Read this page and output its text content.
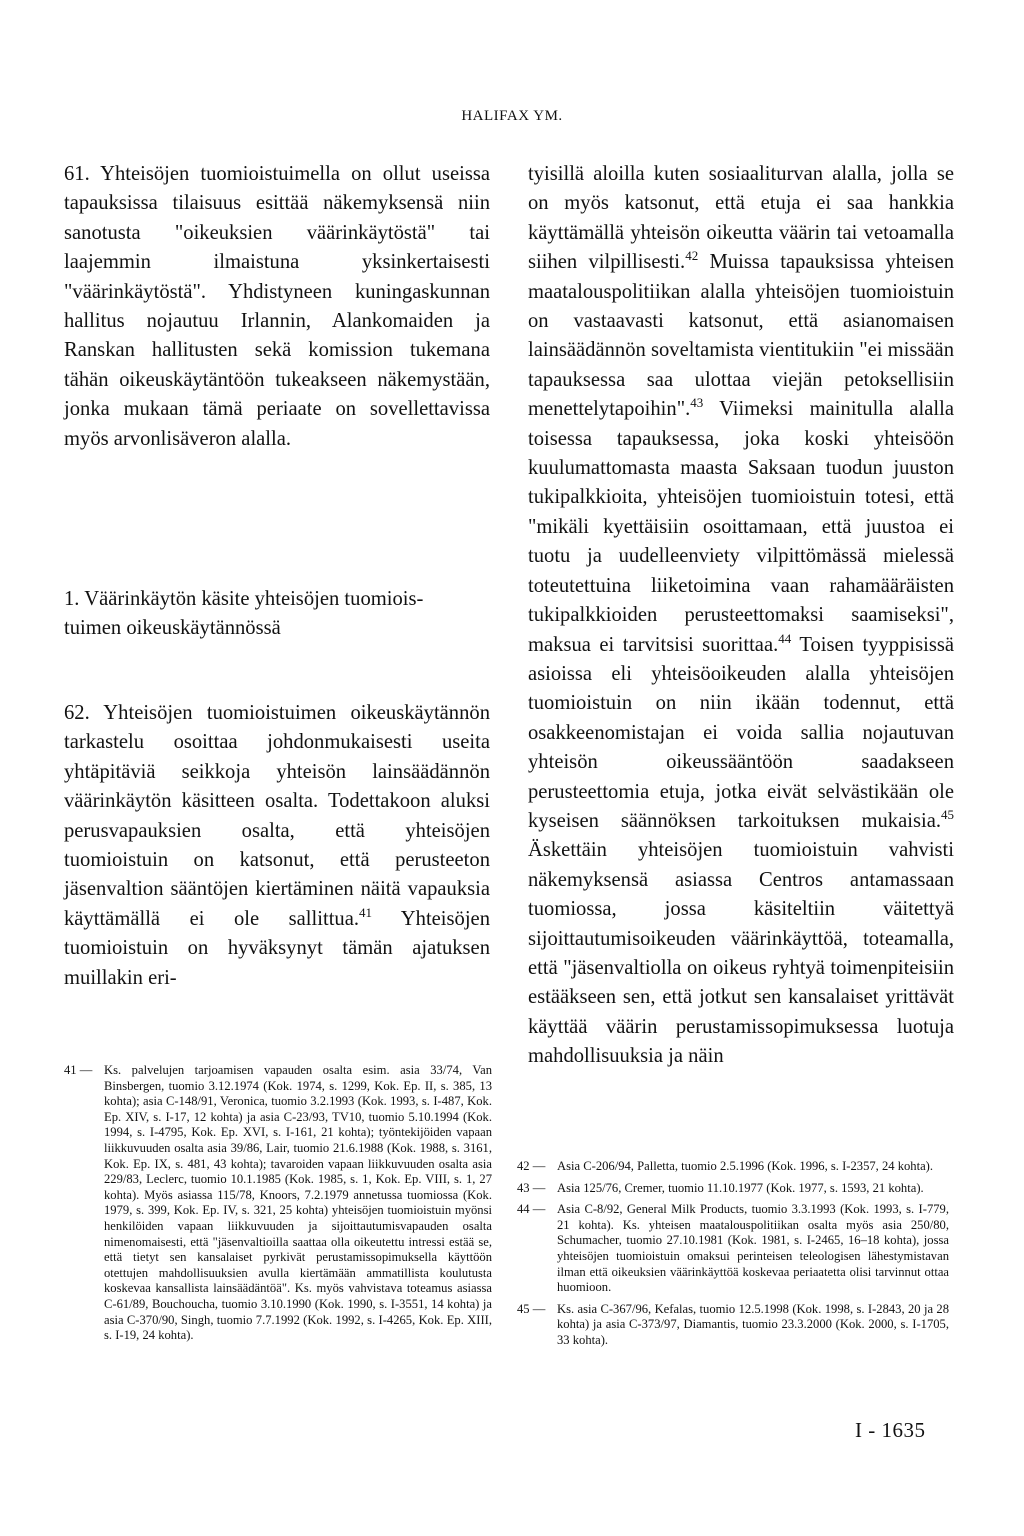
HALIFAX YM.

61. Yhteisöjen tuomioistuimella on ollut useissa tapauksissa tilaisuus esittää näkemyksensä niin sanotusta "oikeuksien väärinkäytöstä" tai laajemmin ilmaistuna yksinkertaisesti "väärinkäytöstä". Yhdistyneen kuningaskunnan hallitus nojautuu Irlannin, Alankomaiden ja Ranskan hallitusten sekä komission tukemana tähän oikeuskäytäntöön tukeakseen näkemystään, jonka mukaan tämä periaate on sovellettavissa myös arvonlisäveron alalla.

1. Väärinkäytön käsite yhteisöjen tuomiois-
tuimen oikeuskäytännössä

62. Yhteisöjen tuomioistuimen oikeuskäytännön tarkastelu osoittaa johdonmukaisesti useita yhtäpitäviä seikkoja yhteisön lainsäädännön väärinkäytön käsitteen osalta. Todettakoon aluksi perusvapauksien osalta, että yhteisöjen tuomioistuin on katsonut, että perusteeton jäsenvaltion sääntöjen kiertäminen näitä vapauksia käyttämällä ei ole sallittua.$^{41}$ Yhteisöjen tuomioistuin on hyväksynyt tämän ajatuksen muillakin eri-

tyisillä aloilla kuten sosiaaliturvan alalla, jolla se on myös katsonut, että etuja ei saa hankkia käyttämällä yhteisön oikeutta väärin tai vetoamalla siihen vilpillisesti.$^{42}$ Muissa tapauksissa yhteisen maatalouspolitiikan alalla yhteisöjen tuomioistuin on vastaavasti katsonut, että asianomaisen lainsäädännön soveltamista vientitukiin "ei missään tapauksessa saa ulottaa viejän petoksellisiin menettelytapoihin".$^{43}$ Viimeksi mainitulla alalla toisessa tapauksessa, joka koski yhteisöön kuulumattomasta maasta Saksaan tuodun juuston tukipalkkioita, yhteisöjen tuomioistuin totesi, että "mikäli kyettäisiin osoittamaan, että juustoa ei tuotu ja uudelleenviety vilpittömässä mielessä toteutettuina liiketoimina vaan rahamääräisten tukipalkkioiden perusteettomaksi saamiseksi", maksua ei tarvitsisi suorittaa.$^{44}$ Toisen tyyppisissä asioissa eli yhteisöoikeuden alalla yhteisöjen tuomioistuin on niin ikään todennut, että osakkeenomistajan ei voida sallia nojautuvan yhteisön oikeussääntöön saadakseen perusteettomia etuja, jotka eivät selvästikään ole kyseisen säännöksen tarkoituksen mukaisia.$^{45}$ Äskettäin yhteisöjen tuomioistuin vahvisti näkemyksensä asiassa Centros antamassaan tuomiossa, jossa käsiteltiin väitettyä sijoittautumisoikeuden väärinkäyttöä, toteamalla, että "jäsenvaltiolla on oikeus ryhtyä toimenpiteisiin estääkseen sen, että jotkut sen kansalaiset yrittävät käyttää väärin perustamissopimuksessa luotuja mahdollisuuksia ja näin

41 — Ks. palvelujen tarjoamisen vapauden osalta esim. asia 33/74, Van Binsbergen, tuomio 3.12.1974 (Kok. 1974, s. 1299, Kok. Ep. II, s. 385, 13 kohta); asia C-148/91, Veronica, tuomio 3.2.1993 (Kok. 1993, s. I-487, Kok. Ep. XIV, s. I-17, 12 kohta) ja asia C-23/93, TV10, tuomio 5.10.1994 (Kok. 1994, s. I-4795, Kok. Ep. XVI, s. I-161, 21 kohta); työntekijöiden vapaan liikkuvuuden osalta asia 39/86, Lair, tuomio 21.6.1988 (Kok. 1988, s. 3161, Kok. Ep. IX, s. 481, 43 kohta); tavaroiden vapaan liikkuvuuden osalta asia 229/83, Leclerc, tuomio 10.1.1985 (Kok. 1985, s. 1, Kok. Ep. VIII, s. 1, 27 kohta). Myös asiassa 115/78, Knoors, 7.2.1979 annetussa tuomiossa (Kok. 1979, s. 399, Kok. Ep. IV, s. 321, 25 kohta) yhteisöjen tuomioistuin myönsi henkilöiden vapaan liikkuvuuden ja sijoittautumisvapauden osalta nimenomaisesti, että "jäsenvaltioilla saattaa olla oikeutettu intressi estää se, että tietyt sen kansalaiset pyrkivät perustamissopimuksella käyttöön otettujen mahdollisuuksien avulla kiertämään ammatillista koulutusta koskevaa kansallista lainsäädäntöä". Ks. myös vahvistava toteamus asiassa C-61/89, Bouchoucha, tuomio 3.10.1990 (Kok. 1990, s. I-3551, 14 kohta) ja asia C-370/90, Singh, tuomio 7.7.1992 (Kok. 1992, s. I-4265, Kok. Ep. XIII, s. I-19, 24 kohta).
42 — Asia C-206/94, Palletta, tuomio 2.5.1996 (Kok. 1996, s. I-2357, 24 kohta).
43 — Asia 125/76, Cremer, tuomio 11.10.1977 (Kok. 1977, s. 1593, 21 kohta).
44 — Asia C-8/92, General Milk Products, tuomio 3.3.1993 (Kok. 1993, s. I-779, 21 kohta). Ks. yhteisen maatalouspolitiikan osalta myös asia 250/80, Schumacher, tuomio 27.10.1981 (Kok. 1981, s. I-2465, 16–18 kohta), jossa yhteisöjen tuomioistuin omaksui perinteisen teleologisen lähestymistavan ilman että oikeuksien väärinkäyttöä koskevaa periaatetta olisi tarvinnut ottaa huomioon.
45 — Ks. asia C-367/96, Kefalas, tuomio 12.5.1998 (Kok. 1998, s. I-2843, 20 ja 28 kohta) ja asia C-373/97, Diamantis, tuomio 23.3.2000 (Kok. 2000, s. I-1705, 33 kohta).
I - 1635
